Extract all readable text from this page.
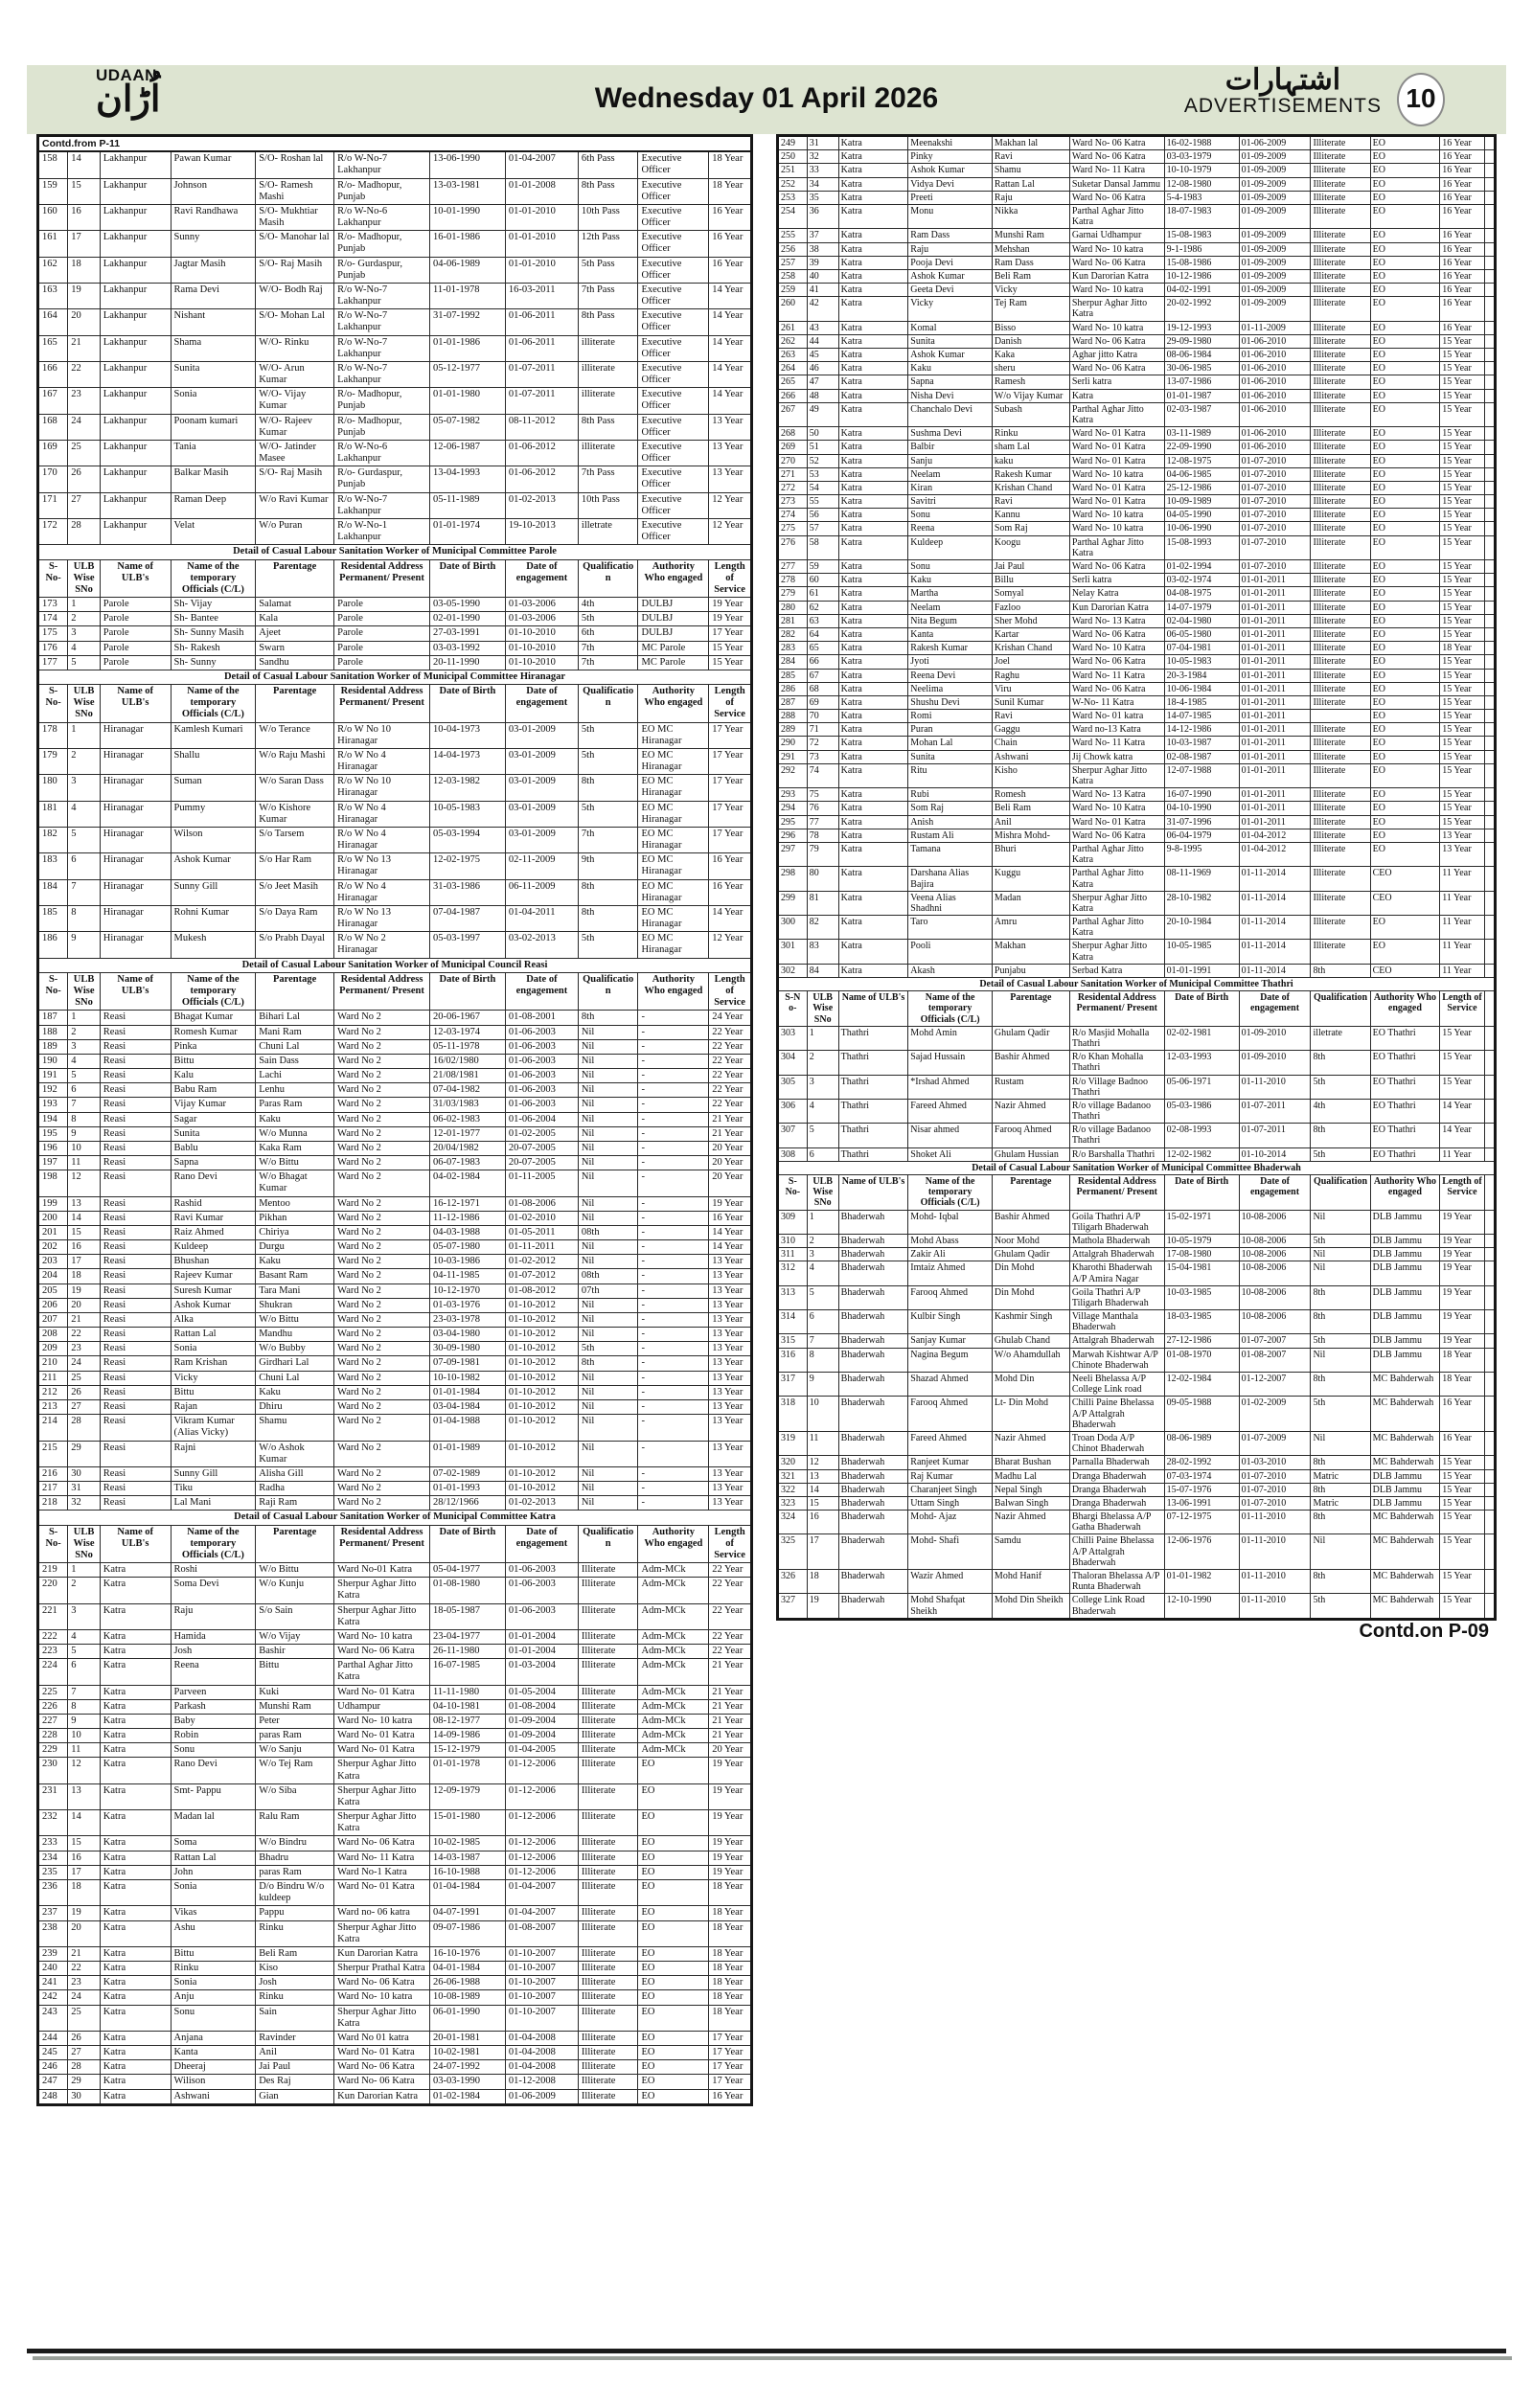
UDAAN
اُڑان	Wednesday 01 April 2026
اشتہارات
ADVERTISEMENTS 10
Contd.from P-11										
158	14	Lakhanpur	Pawan Kumar	S/O- Roshan lal	R/o W-No-7 Lakhanpur	13-06-1990	01-04-2007	6th Pass	Executive Officer	18 Year
159	15	Lakhanpur	Johnson	S/O- Ramesh Mashi	R/o- Madhopur, Punjab	13-03-1981	01-01-2008	8th Pass	Executive Officer	18 Year
160	16	Lakhanpur	Ravi Randhawa	S/O- Mukhtiar Masih	R/o W-No-6 Lakhanpur	10-01-1990	01-01-2010	10th Pass	Executive Officer	16 Year
161	17	Lakhanpur	Sunny	S/O- Manohar lal	R/o- Madhopur, Punjab	16-01-1986	01-01-2010	12th Pass	Executive Officer	16 Year
162	18	Lakhanpur	Jagtar Masih	S/O- Raj Masih	R/o- Gurdaspur, Punjab	04-06-1989	01-01-2010	5th Pass	Executive Officer	16 Year
163	19	Lakhanpur	Rama Devi	W/O- Bodh Raj	R/o W-No-7 Lakhanpur	11-01-1978	16-03-2011	7th Pass	Executive Officer	14 Year
164	20	Lakhanpur	Nishant	S/O- Mohan Lal	R/o W-No-7 Lakhanpur	31-07-1992	01-06-2011	8th Pass	Executive Officer	14 Year
165	21	Lakhanpur	Shama	W/O- Rinku	R/o W-No-7 Lakhanpur	01-01-1986	01-06-2011	illiterate	Executive Officer	14 Year
166	22	Lakhanpur	Sunita	W/O- Arun Kumar	R/o W-No-7 Lakhanpur	05-12-1977	01-07-2011	illiterate	Executive Officer	14 Year
167	23	Lakhanpur	Sonia	W/O- Vijay Kumar	R/o- Madhopur, Punjab	01-01-1980	01-07-2011	illiterate	Executive Officer	14 Year
168	24	Lakhanpur	Poonam kumari	W/O- Rajeev Kumar	R/o- Madhopur, Punjab	05-07-1982	08-11-2012	8th Pass	Executive Officer	13 Year
169	25	Lakhanpur	Tania	W/O- Jatinder Masee	R/o W-No-6 Lakhanpur	12-06-1987	01-06-2012	illiterate	Executive Officer	13 Year
170	26	Lakhanpur	Balkar Masih	S/O- Raj Masih	R/o- Gurdaspur, Punjab	13-04-1993	01-06-2012	7th Pass	Executive Officer	13 Year
171	27	Lakhanpur	Raman Deep	W/o Ravi Kumar	R/o W-No-7 Lakhanpur	05-11-1989	01-02-2013	10th Pass	Executive Officer	12 Year
172	28	Lakhanpur	Velat	W/o Puran	R/o W-No-1 Lakhanpur	01-01-1974	19-10-2013	illetrate	Executive Officer	12 Year
Detail of Casual Labour Sanitation Worker of Municipal Committee Parole										
S- No-	ULB Wise SNo	Name of ULB's	Name of the temporary Officials (C/L)	Parentage	Residental Address Permanent/ Present	Date of Birth	Date of engagement	Qualification	Authority Who engaged	Length of Service
173	1	Parole	Sh- Vijay	Salamat	Parole	03-05-1990	01-03-2006	4th	DULBJ	19 Year
174	2	Parole	Sh- Bantee	Kala	Parole	02-01-1990	01-03-2006	5th	DULBJ	19 Year
175	3	Parole	Sh- Sunny Masih	Ajeet	Parole	27-03-1991	01-10-2010	6th	DULBJ	17 Year
176	4	Parole	Sh- Rakesh	Swarn	Parole	03-03-1992	01-10-2010	7th	MC Parole	15 Year
177	5	Parole	Sh- Sunny	Sandhu	Parole	20-11-1990	01-10-2010	7th	MC Parole	15 Year
Detail of Casual Labour Sanitation Worker of Municipal Committee Hiranagar										
S- No-	ULB Wise SNo	Name of ULB's	Name of the temporary Officials (C/L)	Parentage	Residental Address Permanent/ Present	Date of Birth	Date of engagement	Qualification	Authority Who engaged	Length of Service
178	1	Hiranagar	Kamlesh Kumari	W/o Terance	R/o W No 10 Hiranagar	10-04-1973	03-01-2009	5th	EO MC Hiranagar	17 Year
179	2	Hiranagar	Shallu	W/o Raju Mashi	R/o W No 4 Hiranagar	14-04-1973	03-01-2009	5th	EO MC Hiranagar	17 Year
180	3	Hiranagar	Suman	W/o Saran Dass	R/o W No 10 Hiranagar	12-03-1982	03-01-2009	8th	EO MC Hiranagar	17 Year
181	4	Hiranagar	Pummy	W/o Kishore Kumar	R/o W No 4 Hiranagar	10-05-1983	03-01-2009	5th	EO MC Hiranagar	17 Year
182	5	Hiranagar	Wilson	S/o Tarsem	R/o W No 4 Hiranagar	05-03-1994	03-01-2009	7th	EO MC Hiranagar	17 Year
183	6	Hiranagar	Ashok Kumar	S/o Har Ram	R/o W No 13 Hiranagar	12-02-1975	02-11-2009	9th	EO MC Hiranagar	16 Year
184	7	Hiranagar	Sunny Gill	S/o Jeet Masih	R/o W No 4 Hiranagar	31-03-1986	06-11-2009	8th	EO MC Hiranagar	16 Year
185	8	Hiranagar	Rohni Kumar	S/o Daya Ram	R/o W No 13 Hiranagar	07-04-1987	01-04-2011	8th	EO MC Hiranagar	14 Year
186	9	Hiranagar	Mukesh	S/o Prabh Dayal	R/o W No 2 Hiranagar	05-03-1997	03-02-2013	5th	EO MC Hiranagar	12 Year
Detail of Casual Labour Sanitation Worker of Municipal Council Reasi										
S- No-	ULB Wise SNo	Name of ULB's	Name of the temporary Officials (C/L)	Parentage	Residental Address Permanent/ Present	Date of Birth	Date of engagement	Qualification	Authority Who engaged	Length of Service
187	1	Reasi	Bhagat Kumar	Bihari Lal	Ward No 2	20-06-1967	01-08-2001	8th	-	24 Year
188	2	Reasi	Romesh Kumar	Mani Ram	Ward No 2	12-03-1974	01-06-2003	Nil	-	22 Year
189	3	Reasi	Pinka	Chuni Lal	Ward No 2	05-11-1978	01-06-2003	Nil	-	22 Year
190	4	Reasi	Bittu	Sain Dass	Ward No 2	16/02/1980	01-06-2003	Nil	-	22 Year
191	5	Reasi	Kalu	Lachi	Ward No 2	21/08/1981	01-06-2003	Nil	-	22 Year
192	6	Reasi	Babu Ram	Lenhu	Ward No 2	07-04-1982	01-06-2003	Nil	-	22 Year
193	7	Reasi	Vijay Kumar	Paras Ram	Ward No 2	31/03/1983	01-06-2003	Nil	-	22 Year
194	8	Reasi	Sagar	Kaku	Ward No 2	06-02-1983	01-06-2004	Nil	-	21 Year
195	9	Reasi	Sunita	W/o Munna	Ward No 2	12-01-1977	01-02-2005	Nil	-	21 Year
196	10	Reasi	Bablu	Kaka Ram	Ward No 2	20/04/1982	20-07-2005	Nil	-	20 Year
197	11	Reasi	Sapna	W/o Bittu	Ward No 2	06-07-1983	20-07-2005	Nil	-	20 Year
198	12	Reasi	Rano Devi	W/o Bhagat Kumar	Ward No 2	04-02-1984	01-11-2005	Nil	-	20 Year
199	13	Reasi	Rashid	Mentoo	Ward No 2	16-12-1971	01-08-2006	Nil	-	19 Year
200	14	Reasi	Ravi Kumar	Pikhan	Ward No 2	11-12-1986	01-02-2010	Nil	-	16 Year
201	15	Reasi	Raiz Ahmed	Chiriya	Ward No 2	04-03-1988	01-05-2011	08th	-	14 Year
202	16	Reasi	Kuldeep	Durgu	Ward No 2	05-07-1980	01-11-2011	Nil	-	14 Year
203	17	Reasi	Bhushan	Kaku	Ward No 2	10-03-1986	01-02-2012	Nil	-	13 Year
204	18	Reasi	Rajeev Kumar	Basant Ram	Ward No 2	04-11-1985	01-07-2012	08th	-	13 Year
205	19	Reasi	Suresh Kumar	Tara Mani	Ward No 2	10-12-1970	01-08-2012	07th	-	13 Year
206	20	Reasi	Ashok Kumar	Shukran	Ward No 2	01-03-1976	01-10-2012	Nil	-	13 Year
207	21	Reasi	Alka	W/o Bittu	Ward No 2	23-03-1978	01-10-2012	Nil	-	13 Year
208	22	Reasi	Rattan Lal	Mandhu	Ward No 2	03-04-1980	01-10-2012	Nil	-	13 Year
209	23	Reasi	Sonia	W/o Bubby	Ward No 2	30-09-1980	01-10-2012	5th	-	13 Year
210	24	Reasi	Ram Krishan	Girdhari Lal	Ward No 2	07-09-1981	01-10-2012	8th	-	13 Year
211	25	Reasi	Vicky	Chuni Lal	Ward No 2	10-10-1982	01-10-2012	Nil	-	13 Year
212	26	Reasi	Bittu	Kaku	Ward No 2	01-01-1984	01-10-2012	Nil	-	13 Year
213	27	Reasi	Rajan	Dhiru	Ward No 2	03-04-1984	01-10-2012	Nil	-	13 Year
214	28	Reasi	Vikram Kumar (Alias Vicky)	Shamu	Ward No 2	01-04-1988	01-10-2012	Nil	-	13 Year
215	29	Reasi	Rajni	W/o Ashok Kumar	Ward No 2	01-01-1989	01-10-2012	Nil	-	13 Year
216	30	Reasi	Sunny Gill	Alisha Gill	Ward No 2	07-02-1989	01-10-2012	Nil	-	13 Year
217	31	Reasi	Tiku	Radha	Ward No 2	01-01-1993	01-10-2012	Nil	-	13 Year
218	32	Reasi	Lal Mani	Raji Ram	Ward No 2	28/12/1966	01-02-2013	Nil	-	13 Year
Detail of Casual Labour Sanitation Worker of Municipal Committee Katra										
S- No-	ULB Wise SNo	Name of ULB's	Name of the temporary Officials (C/L)	Parentage	Residental Address Permanent/ Present	Date of Birth	Date of engagement	Qualification	Authority Who engaged	Length of Service
219	1	Katra	Roshi	W/o Bittu	Ward No-01 Katra	05-04-1977	01-06-2003	Illiterate	Adm-MCk	22 Year
220	2	Katra	Soma Devi	W/o Kunju	Sherpur Aghar Jitto Katra	01-08-1980	01-06-2003	Illiterate	Adm-MCk	22 Year
221	3	Katra	Raju	S/o Sain	Sherpur Aghar Jitto Katra	18-05-1987	01-06-2003	Illiterate	Adm-MCk	22 Year
222	4	Katra	Hamida	W/o Vijay	Ward No- 10 katra	23-04-1977	01-01-2004	Illiterate	Adm-MCk	22 Year
223	5	Katra	Josh	Bashir	Ward No- 06 Katra	26-11-1980	01-01-2004	Illiterate	Adm-MCk	22 Year
224	6	Katra	Reena	Bittu	Parthal Aghar Jitto Katra	16-07-1985	01-03-2004	Illiterate	Adm-MCk	21 Year
225	7	Katra	Parveen	Kuki	Ward No- 01 Katra	11-11-1980	01-05-2004	Illiterate	Adm-MCk	21 Year
226	8	Katra	Parkash	Munshi Ram	Udhampur	04-10-1981	01-08-2004	Illiterate	Adm-MCk	21 Year
227	9	Katra	Baby	Peter	Ward No- 10 katra	08-12-1977	01-09-2004	Illiterate	Adm-MCk	21 Year
228	10	Katra	Robin	paras Ram	Ward No- 01 Katra	14-09-1986	01-09-2004	Illiterate	Adm-MCk	21 Year
229	11	Katra	Sonu	W/o Sanju	Ward No- 01 Katra	15-12-1979	01-04-2005	Illiterate	Adm-MCk	20 Year
230	12	Katra	Rano Devi	W/o Tej Ram	Sherpur Aghar Jitto Katra	01-01-1978	01-12-2006	Illiterate	EO	19 Year
231	13	Katra	Smt- Pappu	W/o Siba	Sherpur Aghar Jitto Katra	12-09-1979	01-12-2006	Illiterate	EO	19 Year
232	14	Katra	Madan lal	Ralu Ram	Sherpur Aghar Jitto Katra	15-01-1980	01-12-2006	Illiterate	EO	19 Year
233	15	Katra	Soma	W/o Bindru	Ward No- 06 Katra	10-02-1985	01-12-2006	Illiterate	EO	19 Year
234	16	Katra	Rattan Lal	Bhadru	Ward No- 11 Katra	14-03-1987	01-12-2006	Illiterate	EO	19 Year
235	17	Katra	John	paras Ram	Ward No-1 Katra	16-10-1988	01-12-2006	Illiterate	EO	19 Year
236	18	Katra	Sonia	D/o Bindru W/o kuldeep	Ward No- 01 Katra	01-04-1984	01-04-2007	Illiterate	EO	18 Year
237	19	Katra	Vikas	Pappu	Ward no- 06 katra	04-07-1991	01-04-2007	Illiterate	EO	18 Year
238	20	Katra	Ashu	Rinku	Sherpur Aghar Jitto Katra	09-07-1986	01-08-2007	Illiterate	EO	18 Year
239	21	Katra	Bittu	Beli Ram	Kun Darorian Katra	16-10-1976	01-10-2007	Illiterate	EO	18 Year
240	22	Katra	Rinku	Kiso	Sherpur Prathal Katra	04-01-1984	01-10-2007	Illiterate	EO	18 Year
241	23	Katra	Sonia	Josh	Ward No- 06 Katra	26-06-1988	01-10-2007	Illiterate	EO	18 Year
242	24	Katra	Anju	Rinku	Ward No- 10 katra	10-08-1989	01-10-2007	Illiterate	EO	18 Year
243	25	Katra	Sonu	Sain	Sherpur Aghar Jitto Katra	06-01-1990	01-10-2007	Illiterate	EO	18 Year
244	26	Katra	Anjana	Ravinder	Ward No 01 katra	20-01-1981	01-04-2008	Illiterate	EO	17 Year
245	27	Katra	Kanta	Anil	Ward No- 01 Katra	10-02-1981	01-04-2008	Illiterate	EO	17 Year
246	28	Katra	Dheeraj	Jai Paul	Ward No- 06 Katra	24-07-1992	01-04-2008	Illiterate	EO	17 Year
247	29	Katra	Wilison	Des Raj	Ward No- 06 Katra	03-03-1990	01-12-2008	Illiterate	EO	17 Year
248	30	Katra	Ashwani	Gian	Kun Darorian Katra	01-02-1984	01-06-2009	Illiterate	EO	16 Year
249	31	Katra	Meenakshi	Makhan lal	Ward No- 06 Katra	16-02-1988	01-06-2009	Illiterate	EO	16 Year	
250	32	Katra	Pinky	Ravi	Ward No- 06 Katra	03-03-1979	01-09-2009	Illiterate	EO	16 Year	
251	33	Katra	Ashok Kumar	Shamu	Ward No- 11 Katra	10-10-1979	01-09-2009	Illiterate	EO	16 Year	
252	34	Katra	Vidya Devi	Rattan Lal	Suketar Dansal Jammu	12-08-1980	01-09-2009	Illiterate	EO	16 Year	
253	35	Katra	Preeti	Raju	Ward No- 06 Katra	5-4-1983	01-09-2009	Illiterate	EO	16 Year	
254	36	Katra	Monu	Nikka	Parthal Aghar Jitto Katra	18-07-1983	01-09-2009	Illiterate	EO	16 Year	
255	37	Katra	Ram Dass	Munshi Ram	Garnai Udhampur	15-08-1983	01-09-2009	Illiterate	EO	16 Year	
256	38	Katra	Raju	Mehshan	Ward No- 10 katra	9-1-1986	01-09-2009	Illiterate	EO	16 Year	
257	39	Katra	Pooja Devi	Ram Dass	Ward No- 06 Katra	15-08-1986	01-09-2009	Illiterate	EO	16 Year	
258	40	Katra	Ashok Kumar	Beli Ram	Kun Darorian Katra	10-12-1986	01-09-2009	Illiterate	EO	16 Year	
259	41	Katra	Geeta Devi	Vicky	Ward No- 10 katra	04-02-1991	01-09-2009	Illiterate	EO	16 Year	
260	42	Katra	Vicky	Tej Ram	Sherpur Aghar Jitto Katra	20-02-1992	01-09-2009	Illiterate	EO	16 Year	
261	43	Katra	Komal	Bisso	Ward No- 10 katra	19-12-1993	01-11-2009	Illiterate	EO	16 Year	
262	44	Katra	Sunita	Danish	Ward No- 06 Katra	29-09-1980	01-06-2010	Illiterate	EO	15 Year	
263	45	Katra	Ashok Kumar	Kaka	Aghar jitto Katra	08-06-1984	01-06-2010	Illiterate	EO	15 Year	
264	46	Katra	Kaku	sheru	Ward No- 06 Katra	30-06-1985	01-06-2010	Illiterate	EO	15 Year	
265	47	Katra	Sapna	Ramesh	Serli katra	13-07-1986	01-06-2010	Illiterate	EO	15 Year	
266	48	Katra	Nisha Devi	W/o Vijay Kumar	Katra	01-01-1987	01-06-2010	Illiterate	EO	15 Year	
267	49	Katra	Chanchalo Devi	Subash	Parthal Aghar Jitto Katra	02-03-1987	01-06-2010	Illiterate	EO	15 Year	
268	50	Katra	Sushma Devi	Rinku	Ward No- 01 Katra	03-11-1989	01-06-2010	Illiterate	EO	15 Year	
269	51	Katra	Balbir	sham Lal	Ward No- 01 Katra	22-09-1990	01-06-2010	Illiterate	EO	15 Year	
270	52	Katra	Sanju	kaku	Ward No- 01 Katra	12-08-1975	01-07-2010	Illiterate	EO	15 Year	
271	53	Katra	Neelam	Rakesh Kumar	Ward No- 10 katra	04-06-1985	01-07-2010	Illiterate	EO	15 Year	
272	54	Katra	Kiran	Krishan Chand	Ward No- 01 Katra	25-12-1986	01-07-2010	Illiterate	EO	15 Year	
273	55	Katra	Savitri	Ravi	Ward No- 01 Katra	10-09-1989	01-07-2010	Illiterate	EO	15 Year	
274	56	Katra	Sonu	Kannu	Ward No- 10 katra	04-05-1990	01-07-2010	Illiterate	EO	15 Year	
275	57	Katra	Reena	Som Raj	Ward No- 10 katra	10-06-1990	01-07-2010	Illiterate	EO	15 Year	
276	58	Katra	Kuldeep	Koogu	Parthal Aghar Jitto Katra	15-08-1993	01-07-2010	Illiterate	EO	15 Year	
277	59	Katra	Sonu	Jai Paul	Ward No- 06 Katra	01-02-1994	01-07-2010	Illiterate	EO	15 Year	
278	60	Katra	Kaku	Billu	Serli katra	03-02-1974	01-01-2011	Illiterate	EO	15 Year	
279	61	Katra	Martha	Somyal	Nelay Katra	04-08-1975	01-01-2011	Illiterate	EO	15 Year	
280	62	Katra	Neelam	Fazloo	Kun Darorian Katra	14-07-1979	01-01-2011	Illiterate	EO	15 Year	
281	63	Katra	Nita Begum	Sher Mohd	Ward No- 13 Katra	02-04-1980	01-01-2011	Illiterate	EO	15 Year	
282	64	Katra	Kanta	Kartar	Ward No- 06 Katra	06-05-1980	01-01-2011	Illiterate	EO	15 Year	
283	65	Katra	Rakesh Kumar	Krishan Chand	Ward No- 10 Katra	07-04-1981	01-01-2011	Illiterate	EO	18 Year	
284	66	Katra	Jyoti	Joel	Ward No- 06 Katra	10-05-1983	01-01-2011	Illiterate	EO	15 Year	
285	67	Katra	Reena Devi	Raghu	Ward No- 11 Katra	20-3-1984	01-01-2011	Illiterate	EO	15 Year	
286	68	Katra	Neelima	Viru	Ward No- 06 Katra	10-06-1984	01-01-2011	Illiterate	EO	15 Year	
287	69	Katra	Shushu Devi	Sunil Kumar	W-No- 11 Katra	18-4-1985	01-01-2011	Illiterate	EO	15 Year	
288	70	Katra	Romi	Ravi	Ward No- 01 katra	14-07-1985	01-01-2011		EO	15 Year	
289	71	Katra	Puran	Gaggu	Ward no-13 Katra	14-12-1986	01-01-2011	Illiterate	EO	15 Year	
290	72	Katra	Mohan Lal	Chain	Ward No- 11 Katra	10-03-1987	01-01-2011	Illiterate	EO	15 Year	
291	73	Katra	Sunita	Ashwani	Jij Chowk katra	02-08-1987	01-01-2011	Illiterate	EO	15 Year	
292	74	Katra	Ritu	Kisho	Sherpur Aghar Jitto Katra	12-07-1988	01-01-2011	Illiterate	EO	15 Year	
293	75	Katra	Rubi	Romesh	Ward No- 13 Katra	16-07-1990	01-01-2011	Illiterate	EO	15 Year	
294	76	Katra	Som Raj	Beli Ram	Ward No- 10 Katra	04-10-1990	01-01-2011	Illiterate	EO	15 Year	
295	77	Katra	Anish	Anil	Ward No- 01 Katra	31-07-1996	01-01-2011	Illiterate	EO	15 Year	
296	78	Katra	Rustam Ali	Mishra Mohd-	Ward No- 06 Katra	06-04-1979	01-04-2012	Illiterate	EO	13 Year	
297	79	Katra	Tamana	Bhuri	Parthal Aghar Jitto Katra	9-8-1995	01-04-2012	Illiterate	EO	13 Year	
298	80	Katra	Darshana Alias Bajira	Kuggu	Parthal Aghar Jitto Katra	08-11-1969	01-11-2014	Illiterate	CEO	11 Year	
299	81	Katra	Veena Alias Shadhni	Madan	Sherpur Aghar Jitto Katra	28-10-1982	01-11-2014	Illiterate	CEO	11 Year	
300	82	Katra	Taro	Amru	Parthal Aghar Jitto Katra	20-10-1984	01-11-2014	Illiterate	EO	11 Year	
301	83	Katra	Pooli	Makhan	Sherpur Aghar Jitto Katra	10-05-1985	01-11-2014	Illiterate	EO	11 Year	
302	84	Katra	Akash	Punjabu	Serbad Katra	01-01-1991	01-11-2014	8th	CEO	11 Year	
Detail of Casual Labour Sanitation Worker of Municipal Committee Thathri											
S-N o-	ULB Wise SNo	Name of ULB's	Name of the temporary Officials (C/L)	Parentage	Residental Address Permanent/ Present	Date of Birth	Date of engagement	Qualification	Authority Who engaged	Length of Service	
303	1	Thathri	Mohd Amin	Ghulam Qadir	R/o Masjid Mohalla Thathri	02-02-1981	01-09-2010	illetrate	EO Thathri	15 Year	
304	2	Thathri	Sajad Hussain	Bashir Ahmed	R/o Khan Mohalla Thathri	12-03-1993	01-09-2010	8th	EO Thathri	15 Year	
305	3	Thathri	*Irshad Ahmed	Rustam	R/o Village Badnoo Thathri	05-06-1971	01-11-2010	5th	EO Thathri	15 Year	
306	4	Thathri	Fareed Ahmed	Nazir Ahmed	R/o village Badanoo Thathri	05-03-1986	01-07-2011	4th	EO Thathri	14 Year	
307	5	Thathri	Nisar ahmed	Farooq Ahmed	R/o village Badanoo Thathri	02-08-1993	01-07-2011	8th	EO Thathri	14 Year	
308	6	Thathri	Shoket Ali	Ghulam Hussian	R/o Barshalla Thathri	12-02-1982	01-10-2014	5th	EO Thathri	11 Year	
Detail of Casual Labour Sanitation Worker of Municipal Committee Bhaderwah											
S- No-	ULB Wise SNo	Name of ULB's	Name of the temporary Officials (C/L)	Parentage	Residental Address Permanent/ Present	Date of Birth	Date of engagement	Qualification	Authority Who engaged	Length of Service	
309	1	Bhaderwah	Mohd- Iqbal	Bashir Ahmed	Goila Thathri A/P Tiligarh Bhaderwah	15-02-1971	10-08-2006	Nil	DLB Jammu	19 Year	
310	2	Bhaderwah	Mohd Abass	Noor Mohd	Mathola Bhaderwah	10-05-1979	10-08-2006	5th	DLB Jammu	19 Year	
311	3	Bhaderwah	Zakir Ali	Ghulam Qadir	Attalgrah Bhaderwah	17-08-1980	10-08-2006	Nil	DLB Jammu	19 Year	
312	4	Bhaderwah	Imtaiz Ahmed	Din Mohd	Kharothi Bhaderwah A/P Amira Nagar	15-04-1981	10-08-2006	Nil	DLB Jammu	19 Year	
313	5	Bhaderwah	Farooq Ahmed	Din Mohd	Goila Thathri A/P Tiligarh Bhaderwah	10-03-1985	10-08-2006	8th	DLB Jammu	19 Year	
314	6	Bhaderwah	Kulbir Singh	Kashmir Singh	Village Manthala Bhaderwah	18-03-1985	10-08-2006	8th	DLB Jammu	19 Year	
315	7	Bhaderwah	Sanjay Kumar	Ghulab Chand	Attalgrah Bhaderwah	27-12-1986	01-07-2007	5th	DLB Jammu	19 Year	
316	8	Bhaderwah	Nagina Begum	W/o Ahamdullah	Marwah Kishtwar A/P Chinote Bhaderwah	01-08-1970	01-08-2007	Nil	DLB Jammu	18 Year	
317	9	Bhaderwah	Shazad Ahmed	Mohd Din	Neeli Bhelassa A/P College Link road	12-02-1984	01-12-2007	8th	MC Bahderwah	18 Year	
318	10	Bhaderwah	Farooq Ahmed	Lt- Din Mohd	Chilli Paine Bhelassa A/P Attalgrah Bhaderwah	09-05-1988	01-02-2009	5th	MC Bahderwah	16 Year	
319	11	Bhaderwah	Fareed Ahmed	Nazir Ahmed	Troan Doda A/P Chinot Bhaderwah	08-06-1989	01-07-2009	Nil	MC Bahderwah	16 Year	
320	12	Bhaderwah	Ranjeet Kumar	Bharat Bushan	Parnalla Bhaderwah	28-02-1992	01-03-2010	8th	MC Bahderwah	15 Year	
321	13	Bhaderwah	Raj Kumar	Madhu Lal	Dranga Bhaderwah	07-03-1974	01-07-2010	Matric	DLB Jammu	15 Year	
322	14	Bhaderwah	Charanjeet Singh	Nepal Singh	Dranga Bhaderwah	15-07-1976	01-07-2010	8th	DLB Jammu	15 Year	
323	15	Bhaderwah	Uttam Singh	Balwan Singh	Dranga Bhaderwah	13-06-1991	01-07-2010	Matric	DLB Jammu	15 Year	
324	16	Bhaderwah	Mohd- Ajaz	Nazir Ahmed	Bhargi Bhelassa A/P Gatha Bhaderwah	07-12-1975	01-11-2010	8th	MC Bahderwah	15 Year	
325	17	Bhaderwah	Mohd- Shafi	Samdu	Chilli Paine Bhelassa A/P Attalgrah Bhaderwah	12-06-1976	01-11-2010	Nil	MC Bahderwah	15 Year	
326	18	Bhaderwah	Wazir Ahmed	Mohd Hanif	Thaloran Bhelassa A/P Runta Bhaderwah	01-01-1982	01-11-2010	8th	MC Bahderwah	15 Year	
327	19	Bhaderwah	Mohd Shafqat Sheikh	Mohd Din Sheikh	College Link Road Bhaderwah	12-10-1990	01-11-2010	5th	MC Bahderwah	15 Year	
Contd.on P-09
